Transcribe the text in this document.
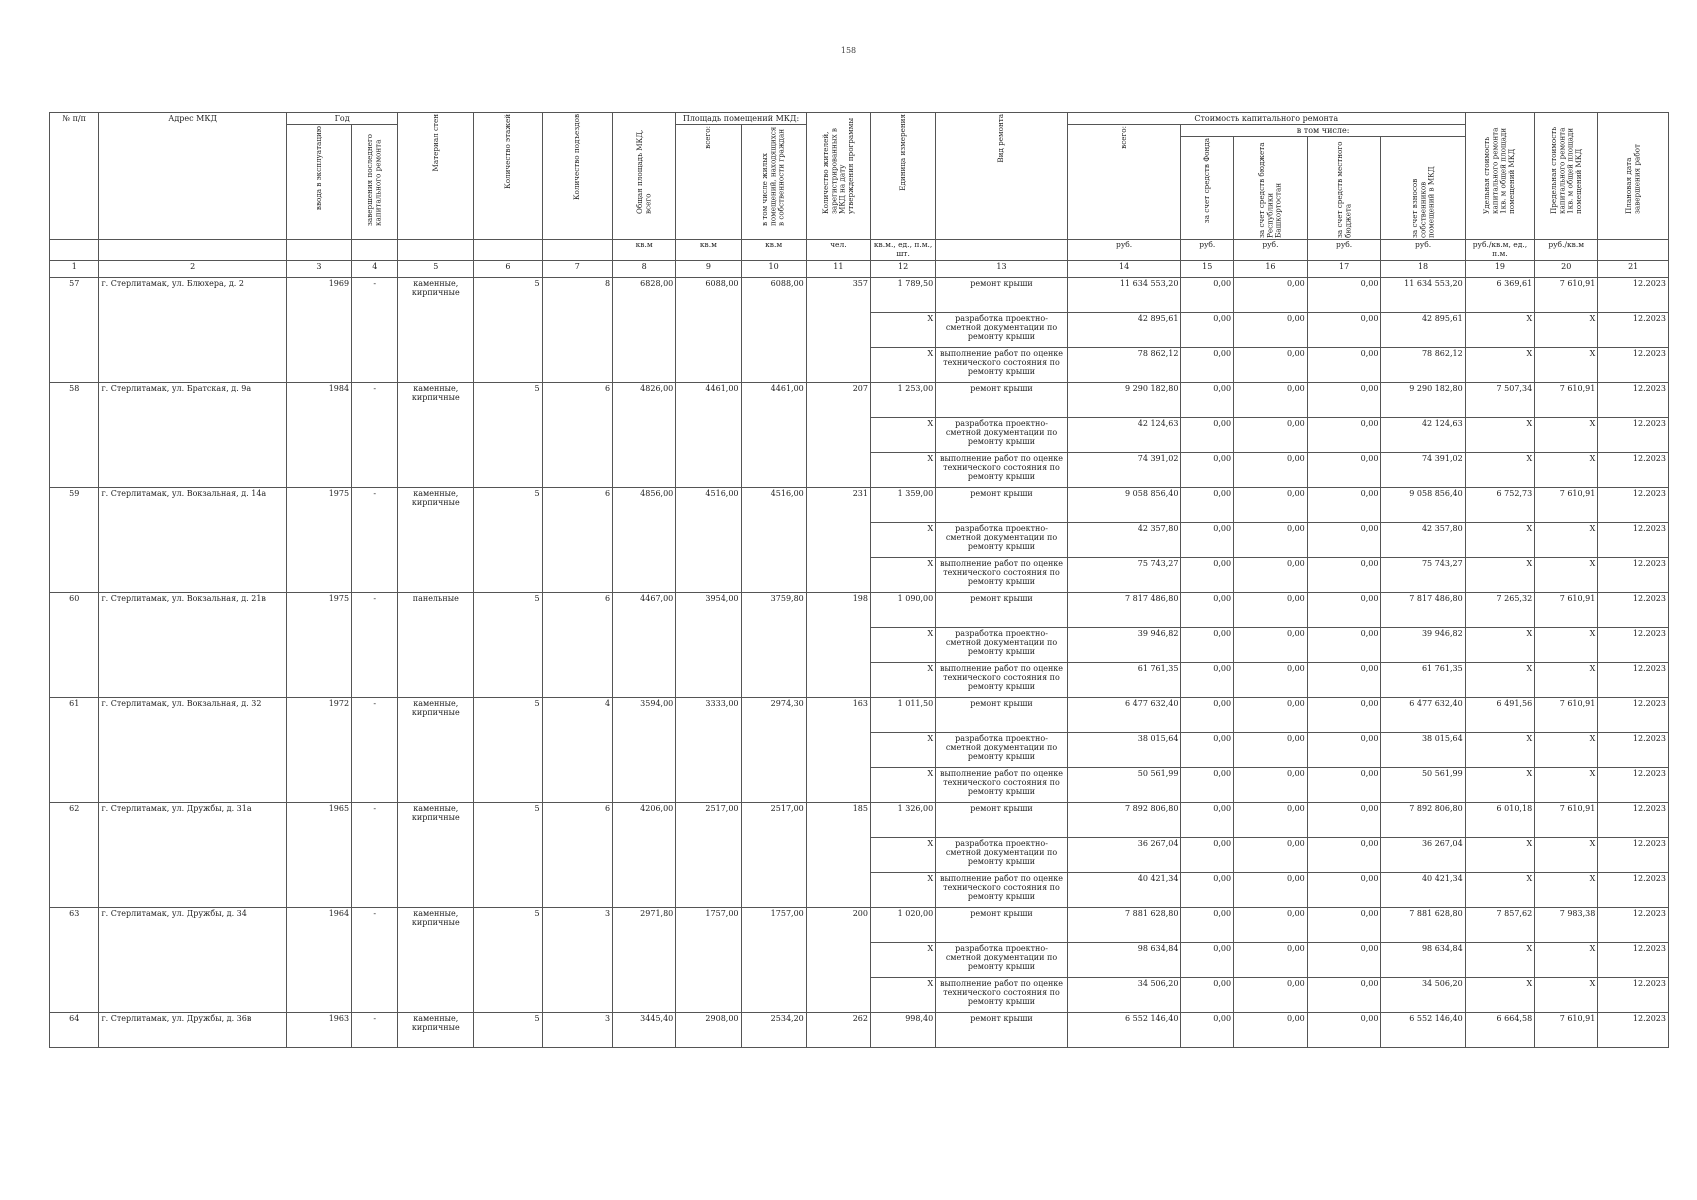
158
№ п/п	Адрес МКД	Год		Материал стен	Количество этажей	Количество подъездов	Общая площадь МКД, всего	Площадь помещений МКД:		Количество жителей, зарегистрированных в МКД на дату утверждения программы	Единица измерения	Вид ремонта	Стоимость капитального ремонта					Удельная стоимость капитального ремонта 1кв. м общей площади помещений МКД	Предельная стоимость капитального ремонта 1кв. м общей площади помещений МКД	Плановая дата завершения работ

		ввода в эксплуатацию	завершения последнего капитального ремонта					всего:	в том числе жилых помещений, находящихся в собственности граждан				всего:	в том числе:						

														за счет средств Фонда	за счет средств бюджета Республики Башкортостан	за счет средств местного бюджета	за счет взносов собственников помещений в МКД			

							кв.м	кв.м	кв.м	чел.	кв.м., ед., п.м., шт.		руб.	руб.	руб.	руб.	руб.	руб./кв.м, ед., п.м.	руб./кв.м	
1	2	3	4	5	6	7	8	9	10	11	12	13	14	15	16	17	18	19	20	21
57	г. Стерлитамак, ул. Блюхера, д. 2	1969	-	каменные, кирпичные	5	8	6828,00	6088,00	6088,00	357	1 789,50	ремонт крыши	11 634 553,20	0,00	0,00	0,00	11 634 553,20	6 369,61	7 610,91	12.2023
											X	разработка проектно-сметной документации по ремонту крыши	42 895,61	0,00	0,00	0,00	42 895,61	X	X	12.2023
											X	выполнение работ по оценке технического состояния по ремонту крыши	78 862,12	0,00	0,00	0,00	78 862,12	X	X	12.2023
58	г. Стерлитамак, ул. Братская, д. 9а	1984	-	каменные, кирпичные	5	6	4826,00	4461,00	4461,00	207	1 253,00	ремонт крыши	9 290 182,80	0,00	0,00	0,00	9 290 182,80	7 507,34	7 610,91	12.2023
											X	разработка проектно-сметной документации по ремонту крыши	42 124,63	0,00	0,00	0,00	42 124,63	X	X	12.2023
											X	выполнение работ по оценке технического состояния по ремонту крыши	74 391,02	0,00	0,00	0,00	74 391,02	X	X	12.2023
59	г. Стерлитамак, ул. Вокзальная, д. 14а	1975	-	каменные, кирпичные	5	6	4856,00	4516,00	4516,00	231	1 359,00	ремонт крыши	9 058 856,40	0,00	0,00	0,00	9 058 856,40	6 752,73	7 610,91	12.2023
											X	разработка проектно-сметной документации по ремонту крыши	42 357,80	0,00	0,00	0,00	42 357,80	X	X	12.2023
											X	выполнение работ по оценке технического состояния по ремонту крыши	75 743,27	0,00	0,00	0,00	75 743,27	X	X	12.2023
60	г. Стерлитамак, ул. Вокзальная, д. 21в	1975	-	панельные	5	6	4467,00	3954,00	3759,80	198	1 090,00	ремонт крыши	7 817 486,80	0,00	0,00	0,00	7 817 486,80	7 265,32	7 610,91	12.2023
											X	разработка проектно-сметной документации по ремонту крыши	39 946,82	0,00	0,00	0,00	39 946,82	X	X	12.2023
											X	выполнение работ по оценке технического состояния по ремонту крыши	61 761,35	0,00	0,00	0,00	61 761,35	X	X	12.2023
61	г. Стерлитамак, ул. Вокзальная, д. 32	1972	-	каменные, кирпичные	5	4	3594,00	3333,00	2974,30	163	1 011,50	ремонт крыши	6 477 632,40	0,00	0,00	0,00	6 477 632,40	6 491,56	7 610,91	12.2023
											X	разработка проектно-сметной документации по ремонту крыши	38 015,64	0,00	0,00	0,00	38 015,64	X	X	12.2023
											X	выполнение работ по оценке технического состояния по ремонту крыши	50 561,99	0,00	0,00	0,00	50 561,99	X	X	12.2023
62	г. Стерлитамак, ул. Дружбы, д. 31а	1965	-	каменные, кирпичные	5	6	4206,00	2517,00	2517,00	185	1 326,00	ремонт крыши	7 892 806,80	0,00	0,00	0,00	7 892 806,80	6 010,18	7 610,91	12.2023
											X	разработка проектно-сметной документации по ремонту крыши	36 267,04	0,00	0,00	0,00	36 267,04	X	X	12.2023
											X	выполнение работ по оценке технического состояния по ремонту крыши	40 421,34	0,00	0,00	0,00	40 421,34	X	X	12.2023
63	г. Стерлитамак, ул. Дружбы, д. 34	1964	-	каменные, кирпичные	5	3	2971,80	1757,00	1757,00	200	1 020,00	ремонт крыши	7 881 628,80	0,00	0,00	0,00	7 881 628,80	7 857,62	7 983,38	12.2023
											X	разработка проектно-сметной документации по ремонту крыши	98 634,84	0,00	0,00	0,00	98 634,84	X	X	12.2023
											X	выполнение работ по оценке технического состояния по ремонту крыши	34 506,20	0,00	0,00	0,00	34 506,20	X	X	12.2023
64	г. Стерлитамак, ул. Дружбы, д. 36в	1963	-	каменные, кирпичные	5	3	3445,40	2908,00	2534,20	262	998,40	ремонт крыши	6 552 146,40	0,00	0,00	0,00	6 552 146,40	6 664,58	7 610,91	12.2023
